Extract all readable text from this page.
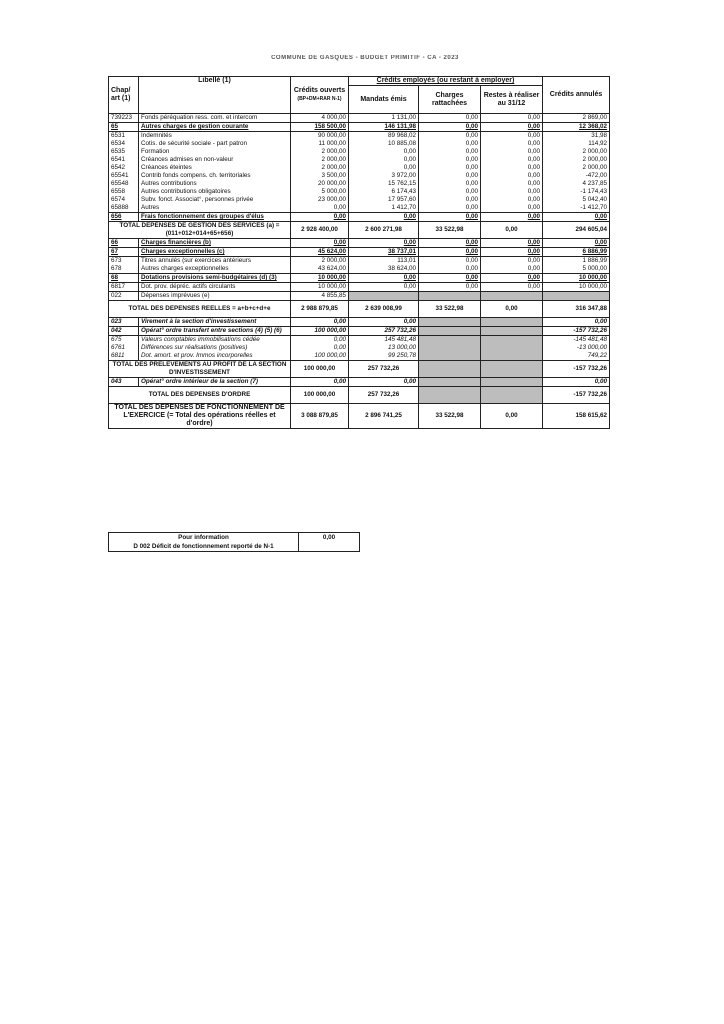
COMMUNE DE GASQUES - BUDGET PRIMITIF - CA - 2023
Chap/ art (1)	Libellé (1)	Crédits ouverts
(BP+DM+RAR N-1)	Crédits employés (ou restant à employer)			Crédits annulés
			Mandats émis	Charges rattachées	Restes à réaliser au 31/12	
739223	Fonds péréquation ress. com. et intercom	4 000,00	1 131,00	0,00	0,00	2 869,00
65	Autres charges de gestion courante	158 500,00	146 131,98	0,00	0,00	12 368,02
6531	Indemnités	90 000,00	89 968,02	0,00	0,00	31,98
6534	Cotis. de sécurité sociale - part patron	11 000,00	10 885,08	0,00	0,00	114,92
6535	Formation	2 000,00	0,00	0,00	0,00	2 000,00
6541	Créances admises en non-valeur	2 000,00	0,00	0,00	0,00	2 000,00
6542	Créances éteintes	2 000,00	0,00	0,00	0,00	2 000,00
65541	Contrib fonds compens. ch. territoriales	3 500,00	3 972,00	0,00	0,00	-472,00
65548	Autres contributions	20 000,00	15 762,15	0,00	0,00	4 237,85
6558	Autres contributions obligatoires	5 000,00	6 174,43	0,00	0,00	-1 174,43
6574	Subv. fonct. Associat°, personnes privée	23 000,00	17 957,60	0,00	0,00	5 042,40
65888	Autres	0,00	1 412,70	0,00	0,00	-1 412,70
656	Frais fonctionnement des groupes d'élus	0,00	0,00	0,00	0,00	0,00
TOTAL DEPENSES DE GESTION DES SERVICES (a) = (011+012+014+65+656)		2 928 400,00	2 600 271,98	33 522,98	0,00	294 605,04
66	Charges financières (b)	0,00	0,00	0,00	0,00	0,00
67	Charges exceptionnelles (c)	45 624,00	38 737,01	0,00	0,00	6 886,99
673	Titres annulés (sur exercices antérieurs	2 000,00	113,01	0,00	0,00	1 886,99
678	Autres charges exceptionnelles	43 624,00	38 624,00	0,00	0,00	5 000,00
68	Dotations provisions semi-budgétaires (d) (3)	10 000,00	0,00	0,00	0,00	10 000,00
6817	Dot. prov. dépréc. actifs circulants	10 000,00	0,00	0,00	0,00	10 000,00
022	Dépenses imprévues (e)	4 855,85				
TOTAL DES DEPENSES REELLES = a+b+c+d+e		2 988 879,85	2 639 008,99	33 522,98	0,00	316 347,88
023	Virement à la section d'investissement	0,00	0,00			0,00
042	Opérat° ordre transfert entre sections (4) (5) (6)	100 000,00	257 732,26			-157 732,26
675	Valeurs comptables immobilisations cédée	0,00	145 481,48			-145 481,48
6761	Différences sur réalisations (positives)	0,00	13 000,00			-13 000,00
6811	Dot. amort. et prov. Immos incorporelles	100 000,00	99 250,78			749,22
TOTAL DES PRELEVEMENTS AU PROFIT DE LA SECTION D'INVESTISSEMENT		100 000,00	257 732,26			-157 732,26
043	Opérat° ordre intérieur de la section (7)	0,00	0,00			0,00
TOTAL DES DEPENSES D'ORDRE		100 000,00	257 732,26			-157 732,26
TOTAL DES DEPENSES DE FONCTIONNEMENT DE L'EXERCICE (= Total des opérations réelles et d'ordre)		3 088 879,85	2 896 741,25	33 522,98	0,00	158 615,62
Pour information
D 002 Déficit de fonctionnement reporté de N-1
	0,00
